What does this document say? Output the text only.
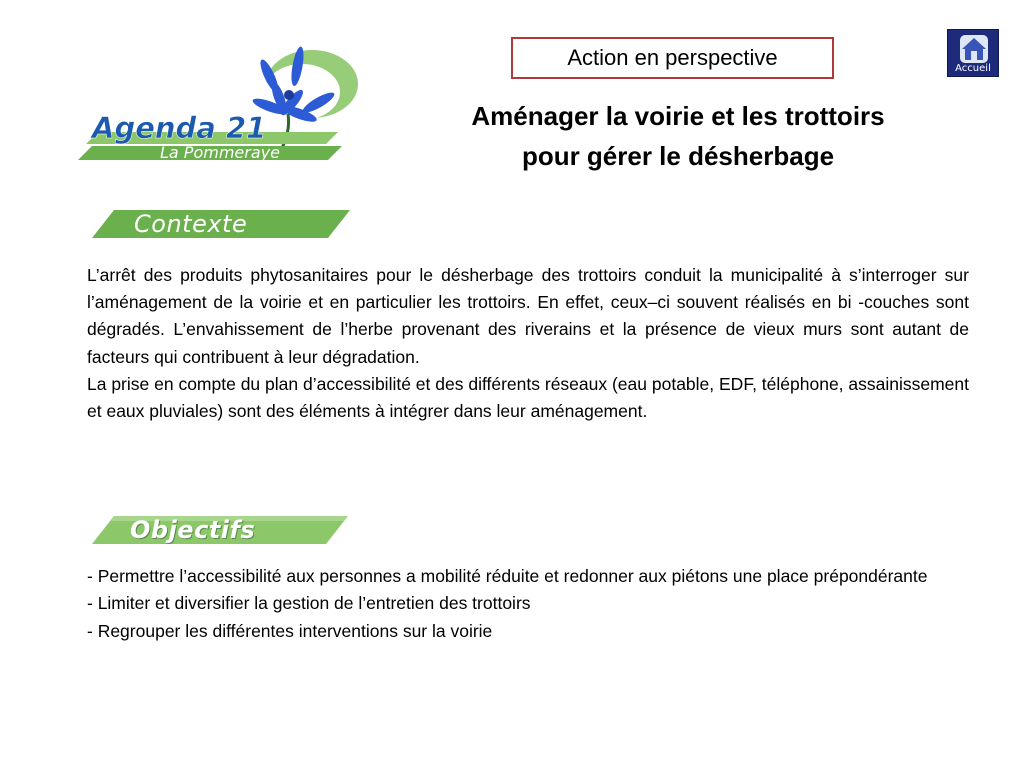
Agenda 21
La Pommeraye
Action en perspective	Accueil
Aménager la voirie et les trottoirs
pour gérer le désherbage
Contexte

L’arrêt des produits phytosanitaires pour le désherbage des trottoirs conduit la municipalité à s’interroger sur l’aménagement de la voirie et en particulier les trottoirs. En effet, ceux–ci souvent réalisés en bi -couches sont dégradés. L’envahissement de l’herbe provenant des riverains et la présence de vieux murs sont autant de facteurs qui contribuent à leur dégradation.

La prise en compte du plan d’accessibilité et des différents réseaux (eau potable, EDF, téléphone, assainissement et eaux pluviales) sont des éléments à intégrer dans leur aménagement.

Objectifs

- Permettre l’accessibilité aux personnes a mobilité réduite et redonner aux piétons une place prépondérante

- Limiter et diversifier la gestion de l’entretien des trottoirs

- Regrouper les différentes interventions sur la voirie
